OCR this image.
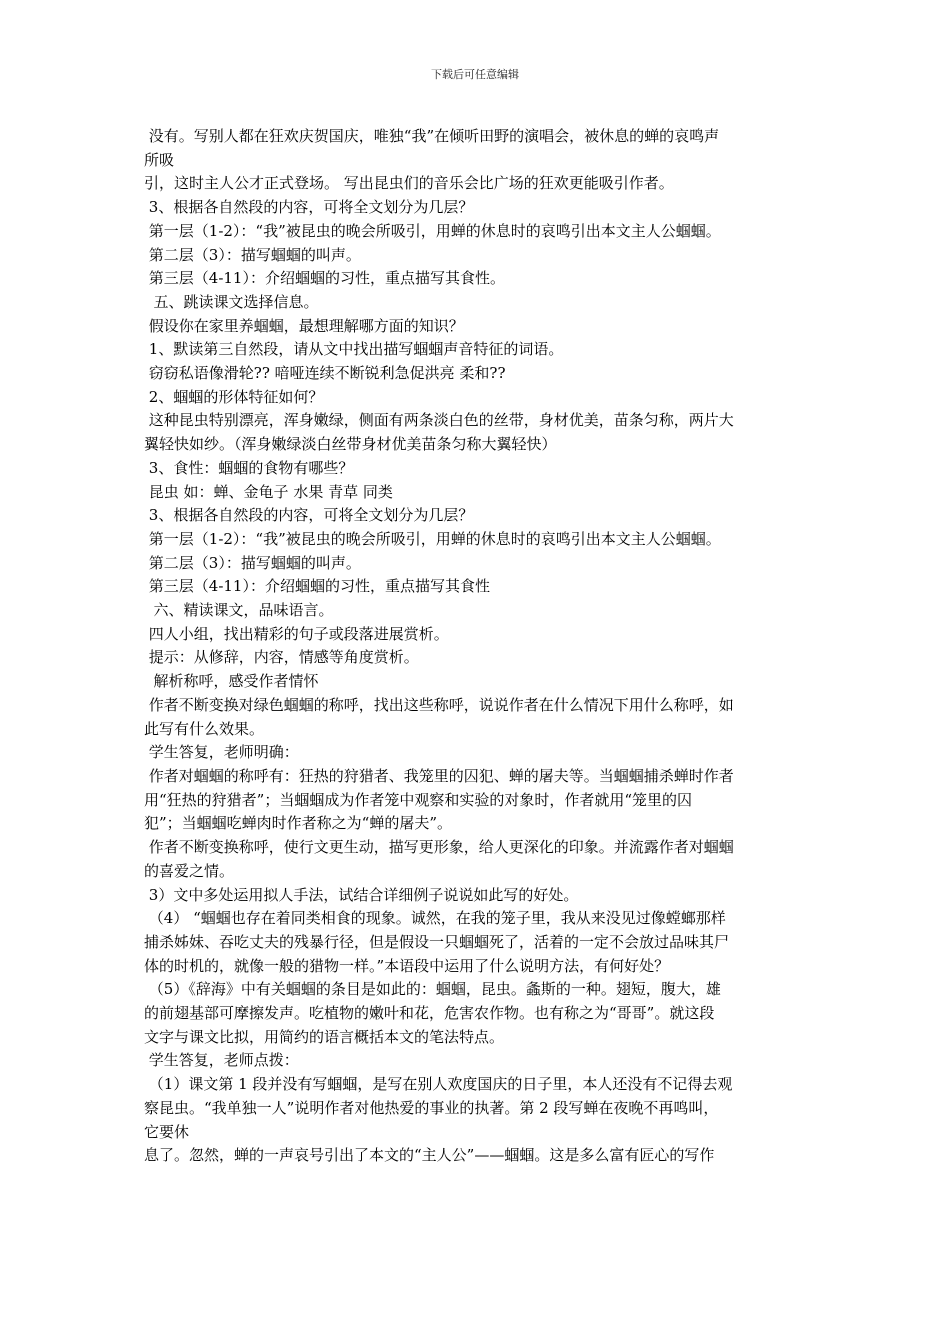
下载后可任意编辑

没有。写别人都在狂欢庆贺国庆，唯独“我”在倾听田野的演唱会，被休息的蝉的哀鸣声

所吸

引，这时主人公才正式登场。 写出昆虫们的音乐会比广场的狂欢更能吸引作者。

3、根据各自然段的内容，可将全文划分为几层？

第一层（1-2）：“我”被昆虫的晚会所吸引，用蝉的休息时的哀鸣引出本文主人公蝈蝈。

第二层（3）：描写蝈蝈的叫声。

第三层（4-11）：介绍蝈蝈的习性，重点描写其食性。

五、跳读课文选择信息。

假设你在家里养蝈蝈，最想理解哪方面的知识？

1、默读第三自然段，请从文中找出描写蝈蝈声音特征的词语。

窃窃私语像滑轮?? 喑哑连续不断锐利急促洪亮 柔和??

2、蝈蝈的形体特征如何？

这种昆虫特别漂亮，浑身嫩绿，侧面有两条淡白色的丝带，身材优美，苗条匀称，两片大

翼轻快如纱。（浑身嫩绿淡白丝带身材优美苗条匀称大翼轻快）

3、食性：蝈蝈的食物有哪些？

昆虫 如：蝉、金龟子 水果 青草 同类

3、根据各自然段的内容，可将全文划分为几层？

第一层（1-2）：“我”被昆虫的晚会所吸引，用蝉的休息时的哀鸣引出本文主人公蝈蝈。

第二层（3）：描写蝈蝈的叫声。

第三层（4-11）：介绍蝈蝈的习性，重点描写其食性

六、精读课文，品味语言。

四人小组，找出精彩的句子或段落进展赏析。

提示：从修辞，内容，情感等角度赏析。

解析称呼，感受作者情怀

作者不断变换对绿色蝈蝈的称呼，找出这些称呼，说说作者在什么情况下用什么称呼，如

此写有什么效果。

学生答复，老师明确：

作者对蝈蝈的称呼有：狂热的狩猎者、我笼里的囚犯、蝉的屠夫等。当蝈蝈捕杀蝉时作者

用“狂热的狩猎者”；当蝈蝈成为作者笼中观察和实验的对象时，作者就用“笼里的囚

犯”；当蝈蝈吃蝉肉时作者称之为“蝉的屠夫”。

作者不断变换称呼，使行文更生动，描写更形象，给人更深化的印象。并流露作者对蝈蝈

的喜爱之情。

3）文中多处运用拟人手法，试结合详细例子说说如此写的好处。

（4） “蝈蝈也存在着同类相食的现象。诚然，在我的笼子里，我从来没见过像螳螂那样

捕杀姊妹、吞吃丈夫的残暴行径，但是假设一只蝈蝈死了，活着的一定不会放过品味其尸

体的时机的，就像一般的猎物一样。”本语段中运用了什么说明方法，有何好处？

（5）《辞海》中有关蝈蝈的条目是如此的：蝈蝈，昆虫。螽斯的一种。翅短，腹大，雄

的前翅基部可摩擦发声。吃植物的嫩叶和花，危害农作物。也有称之为“哥哥”。就这段

文字与课文比拟，用简约的语言概括本文的笔法特点。

学生答复，老师点拨：

（1）课文第 1 段并没有写蝈蝈，是写在别人欢度国庆的日子里，本人还没有不记得去观

察昆虫。“我单独一人”说明作者对他热爱的事业的执著。第 2 段写蝉在夜晚不再鸣叫，

它要休

息了。忽然，蝉的一声哀号引出了本文的“主人公”——蝈蝈。这是多么富有匠心的写作
